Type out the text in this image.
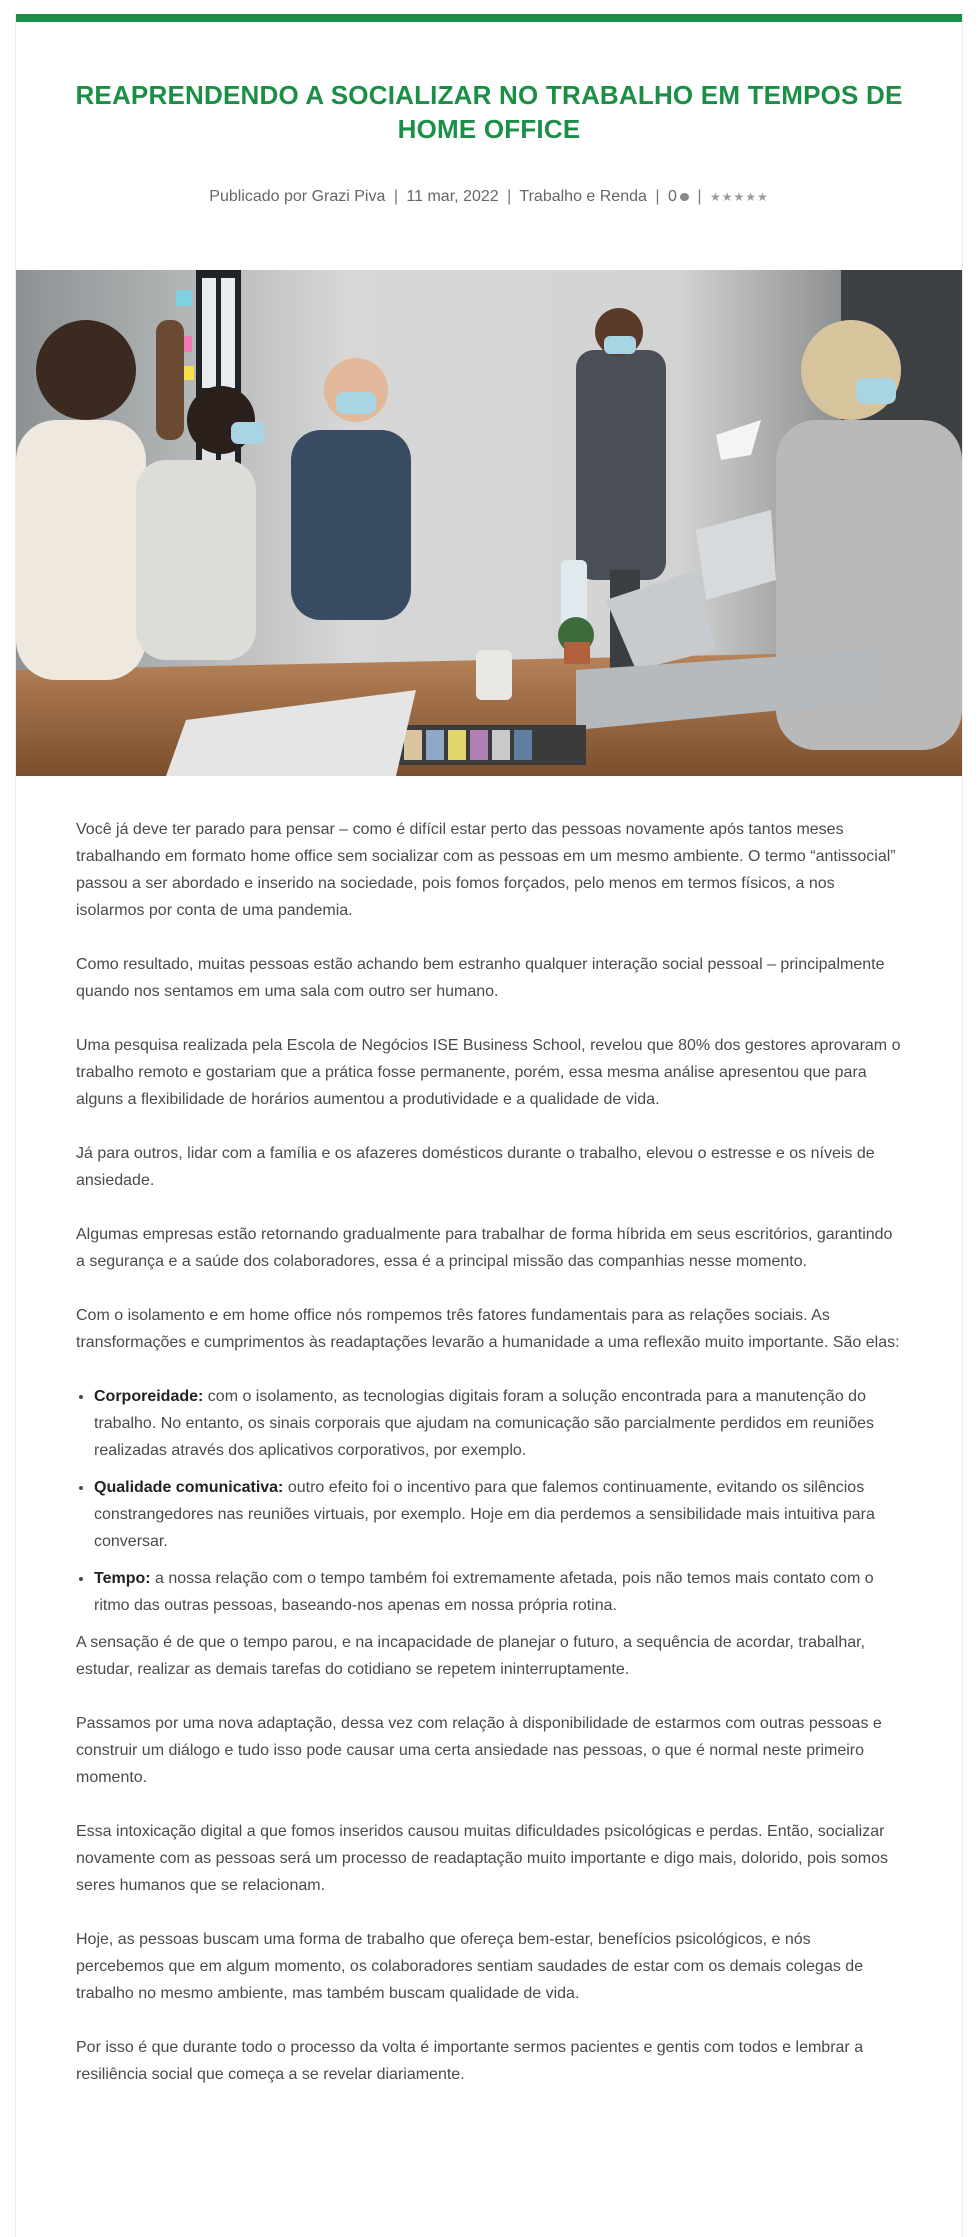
REAPRENDENDO A SOCIALIZAR NO TRABALHO EM TEMPOS DE HOME OFFICE
Publicado por Grazi Piva | 11 mar, 2022 | Trabalho e Renda | 0 | ★★★★★

Você já deve ter parado para pensar – como é difícil estar perto das pessoas novamente após tantos meses trabalhando em formato home office sem socializar com as pessoas em um mesmo ambiente. O termo “antissocial” passou a ser abordado e inserido na sociedade, pois fomos forçados, pelo menos em termos físicos, a nos isolarmos por conta de uma pandemia.

Como resultado, muitas pessoas estão achando bem estranho qualquer interação social pessoal – principalmente quando nos sentamos em uma sala com outro ser humano.

Uma pesquisa realizada pela Escola de Negócios ISE Business School, revelou que 80% dos gestores aprovaram o trabalho remoto e gostariam que a prática fosse permanente, porém, essa mesma análise apresentou que para alguns a flexibilidade de horários aumentou a produtividade e a qualidade de vida.

Já para outros, lidar com a família e os afazeres domésticos durante o trabalho, elevou o estresse e os níveis de ansiedade.

Algumas empresas estão retornando gradualmente para trabalhar de forma híbrida em seus escritórios, garantindo a segurança e a saúde dos colaboradores, essa é a principal missão das companhias nesse momento.

Com o isolamento e em home office nós rompemos três fatores fundamentais para as relações sociais. As transformações e cumprimentos às readaptações levarão a humanidade a uma reflexão muito importante. São elas:

• Corporeidade: com o isolamento, as tecnologias digitais foram a solução encontrada para a manutenção do trabalho. No entanto, os sinais corporais que ajudam na comunicação são parcialmente perdidos em reuniões realizadas através dos aplicativos corporativos, por exemplo.
• Qualidade comunicativa: outro efeito foi o incentivo para que falemos continuamente, evitando os silêncios constrangedores nas reuniões virtuais, por exemplo. Hoje em dia perdemos a sensibilidade mais intuitiva para conversar.
• Tempo: a nossa relação com o tempo também foi extremamente afetada, pois não temos mais contato com o ritmo das outras pessoas, baseando-nos apenas em nossa própria rotina.

A sensação é de que o tempo parou, e na incapacidade de planejar o futuro, a sequência de acordar, trabalhar, estudar, realizar as demais tarefas do cotidiano se repetem ininterruptamente.

Passamos por uma nova adaptação, dessa vez com relação à disponibilidade de estarmos com outras pessoas e construir um diálogo e tudo isso pode causar uma certa ansiedade nas pessoas, o que é normal neste primeiro momento.

Essa intoxicação digital a que fomos inseridos causou muitas dificuldades psicológicas e perdas. Então, socializar novamente com as pessoas será um processo de readaptação muito importante e digo mais, dolorido, pois somos seres humanos que se relacionam.

Hoje, as pessoas buscam uma forma de trabalho que ofereça bem-estar, benefícios psicológicos, e nós percebemos que em algum momento, os colaboradores sentiam saudades de estar com os demais colegas de trabalho no mesmo ambiente, mas também buscam qualidade de vida.

Por isso é que durante todo o processo da volta é importante sermos pacientes e gentis com todos e lembrar a resiliência social que começa a se revelar diariamente.
